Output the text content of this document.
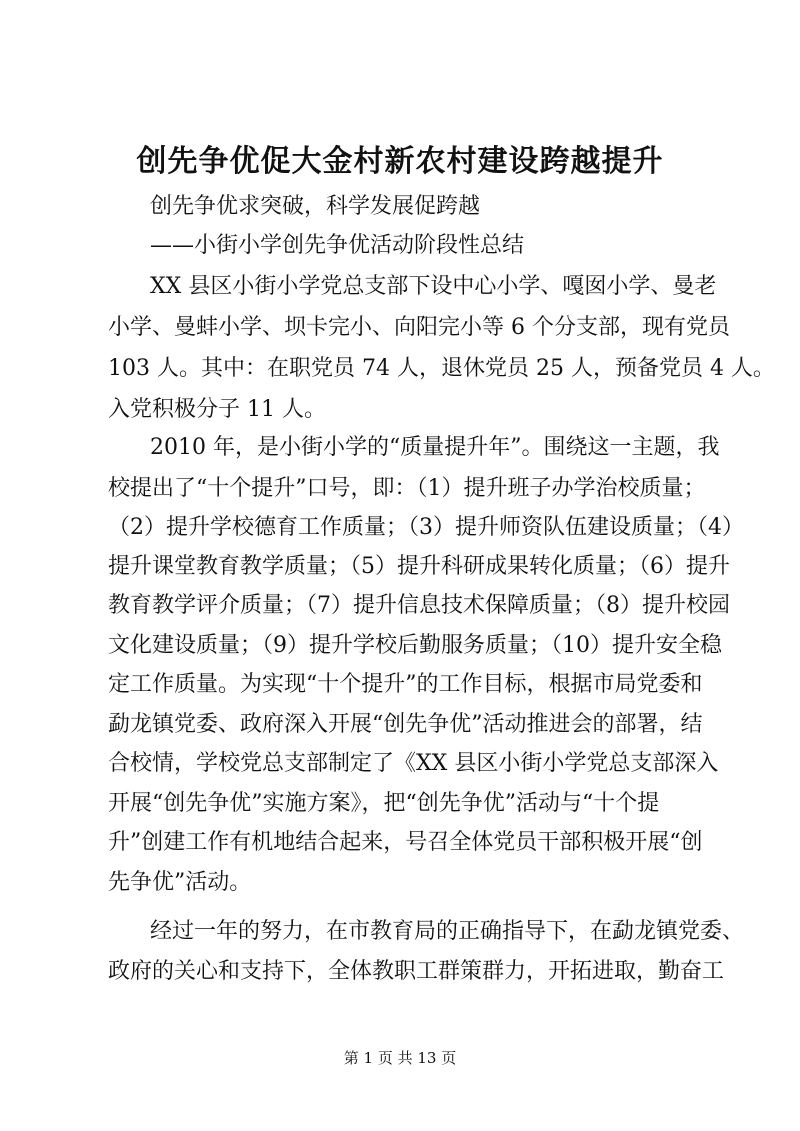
创先争优促大金村新农村建设跨越提升
创先争优求突破，科学发展促跨越
——小街小学创先争优活动阶段性总结
XX 县区小街小学党总支部下设中心小学、嘎囡小学、曼老
小学、曼蚌小学、坝卡完小、向阳完小等 6 个分支部，现有党员
103 人。其中：在职党员 74 人，退休党员 25 人，预备党员 4 人。
入党积极分子 11 人。
2010 年，是小街小学的“质量提升年”。围绕这一主题，我
校提出了“十个提升”口号，即：（1）提升班子办学治校质量；
（2）提升学校德育工作质量；（3）提升师资队伍建设质量；（4）
提升课堂教育教学质量；（5）提升科研成果转化质量；（6）提升
教育教学评介质量；（7）提升信息技术保障质量；（8）提升校园
文化建设质量；（9）提升学校后勤服务质量；（10）提升安全稳
定工作质量。为实现“十个提升”的工作目标，根据市局党委和
勐龙镇党委、政府深入开展“创先争优”活动推进会的部署，结
合校情，学校党总支部制定了《XX 县区小街小学党总支部深入
开展“创先争优”实施方案》，把“创先争优”活动与“十个提
升”创建工作有机地结合起来，号召全体党员干部积极开展“创
先争优”活动。
经过一年的努力，在市教育局的正确指导下，在勐龙镇党委、
政府的关心和支持下，全体教职工群策群力，开拓进取，勤奋工
第 1 页 共 13 页
